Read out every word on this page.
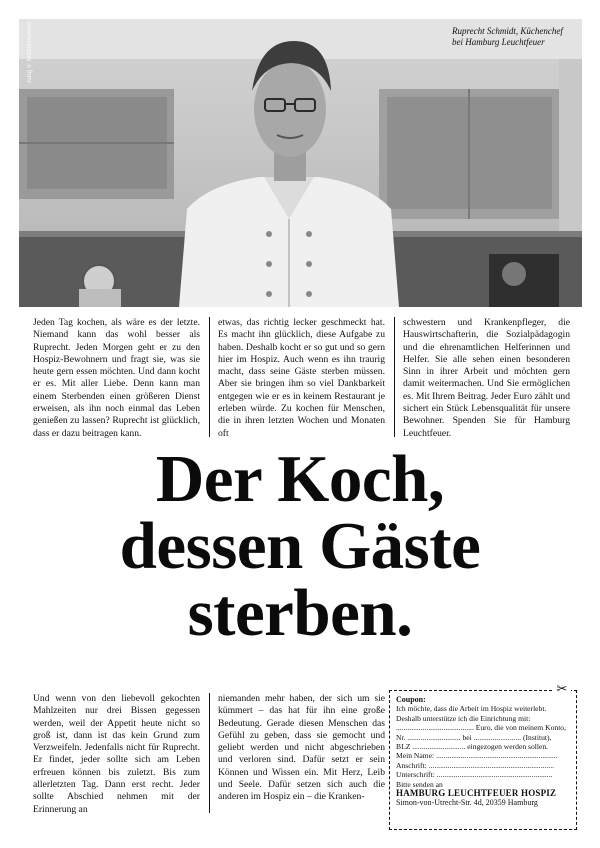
Jung v. Matt/Emotion	Ruprecht Schmidt, Küchenchef
bei Hamburg Leuchtfeuer

Jeden Tag kochen, als wäre es der letzte. Niemand kann das wohl besser als Ruprecht. Jeden Morgen geht er zu den Hospiz-Bewohnern und fragt sie, was sie heute gern essen möchten. Und dann kocht er es. Mit aller Liebe. Denn kann man einem Sterbenden einen größeren Dienst erweisen, als ihn noch einmal das Leben genießen zu lassen? Ruprecht ist glücklich, dass er dazu beitragen kann.

etwas, das richtig lecker geschmeckt hat. Es macht ihn glücklich, diese Aufgabe zu haben. Deshalb kocht er so gut und so gern hier im Hospiz. Auch wenn es ihn traurig macht, dass seine Gäste sterben müssen. Aber sie bringen ihm so viel Dankbarkeit entgegen wie er es in keinem Restaurant je erleben würde. Zu kochen für Menschen, die in ihren letzten Wochen und Monaten oft

schwestern und Krankenpfleger, die Hauswirtschafterin, die Sozialpädagogin und die ehrenamtlichen Helferinnen und Helfer. Sie alle sehen einen besonderen Sinn in ihrer Arbeit und möchten gern damit weitermachen. Und Sie ermöglichen es. Mit Ihrem Beitrag. Jeder Euro zählt und sichert ein Stück Lebensqualität für unsere Bewohner. Spenden Sie für Hamburg Leuchtfeuer.

Der Koch,
dessen Gäste
sterben.

Und wenn von den liebevoll gekochten Mahlzeiten nur drei Bissen gegessen werden, weil der Appetit heute nicht so groß ist, dann ist das kein Grund zum Verzweifeln. Jedenfalls nicht für Ruprecht. Er findet, jeder sollte sich am Leben erfreuen können bis zuletzt. Bis zum allerletzten Tag. Dann erst recht. Jeder sollte Abschied nehmen mit der Erinnerung an

niemanden mehr haben, der sich um sie kümmert – das hat für ihn eine große Bedeutung. Gerade diesen Menschen das Gefühl zu geben, dass sie gemocht und geliebt werden und nicht abgeschrieben und verloren sind. Dafür setzt er sein Können und Wissen ein. Mit Herz, Leib und Seele. Dafür setzen sich auch die anderen im Hospiz ein – die Kranken-

Coupon:
Ich möchte, dass die Arbeit im Hospiz weiterlebt.
Deshalb unterstütze ich die Einrichtung mit:
......................................... Euro, die von meinem Konto,
Nr. ............................ bei ......................... (Institut),
BLZ ............................ eingezogen werden sollen.
Mein Name: ................................................................
Anschrift: ..................................................................
Unterschrift: .............................................................
Bitte senden an
HAMBURG LEUCHTFEUER HOSPIZ
Simon-von-Utrecht-Str. 4d, 20359 Hamburg
✂
